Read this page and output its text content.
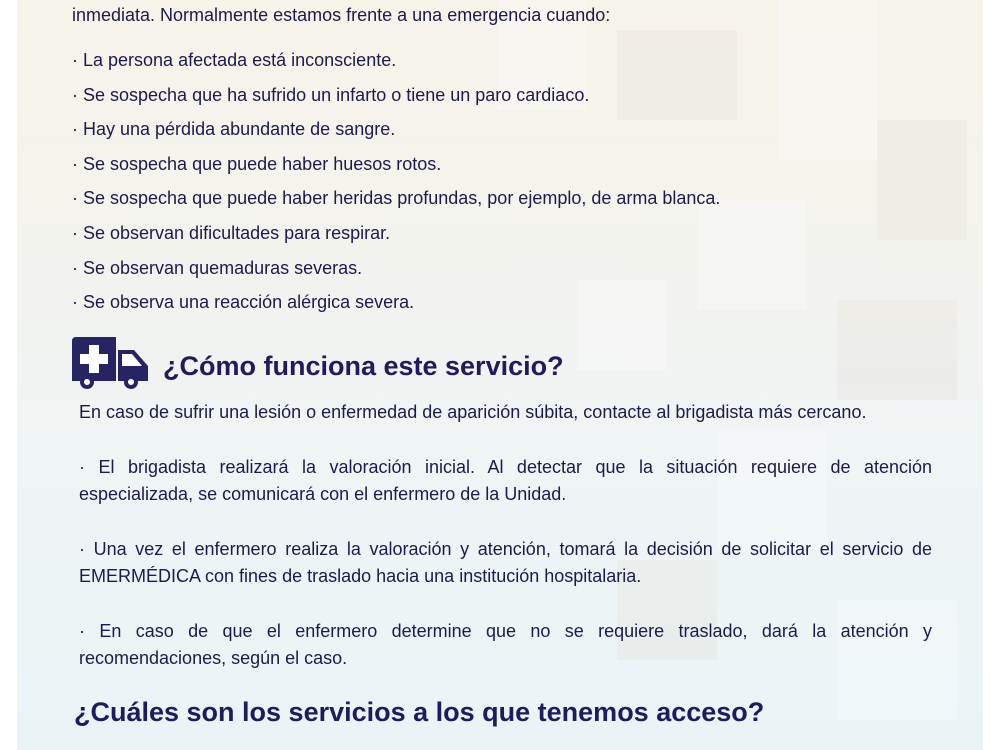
inmediata. Normalmente estamos frente a una emergencia cuando:
· La persona afectada está inconsciente.
· Se sospecha que ha sufrido un infarto o tiene un paro cardiaco.
· Hay una pérdida abundante de sangre.
· Se sospecha que puede haber huesos rotos.
· Se sospecha que puede haber heridas profundas, por ejemplo, de arma blanca.
· Se observan dificultades para respirar.
· Se observan quemaduras severas.
· Se observa una reacción alérgica severa.
¿Cómo funciona este servicio?
En caso de sufrir una lesión o enfermedad de aparición súbita, contacte al brigadista más cercano.
· El brigadista realizará la valoración inicial. Al detectar que la situación requiere de atención especializada, se comunicará con el enfermero de la Unidad.
· Una vez el enfermero realiza la valoración y atención, tomará la decisión de solicitar el servicio de EMERMÉDICA con fines de traslado hacia una institución hospitalaria.
· En caso de que el enfermero determine que no se requiere traslado, dará la atención y recomendaciones, según el caso.
¿Cuáles son los servicios a los que tenemos acceso?
